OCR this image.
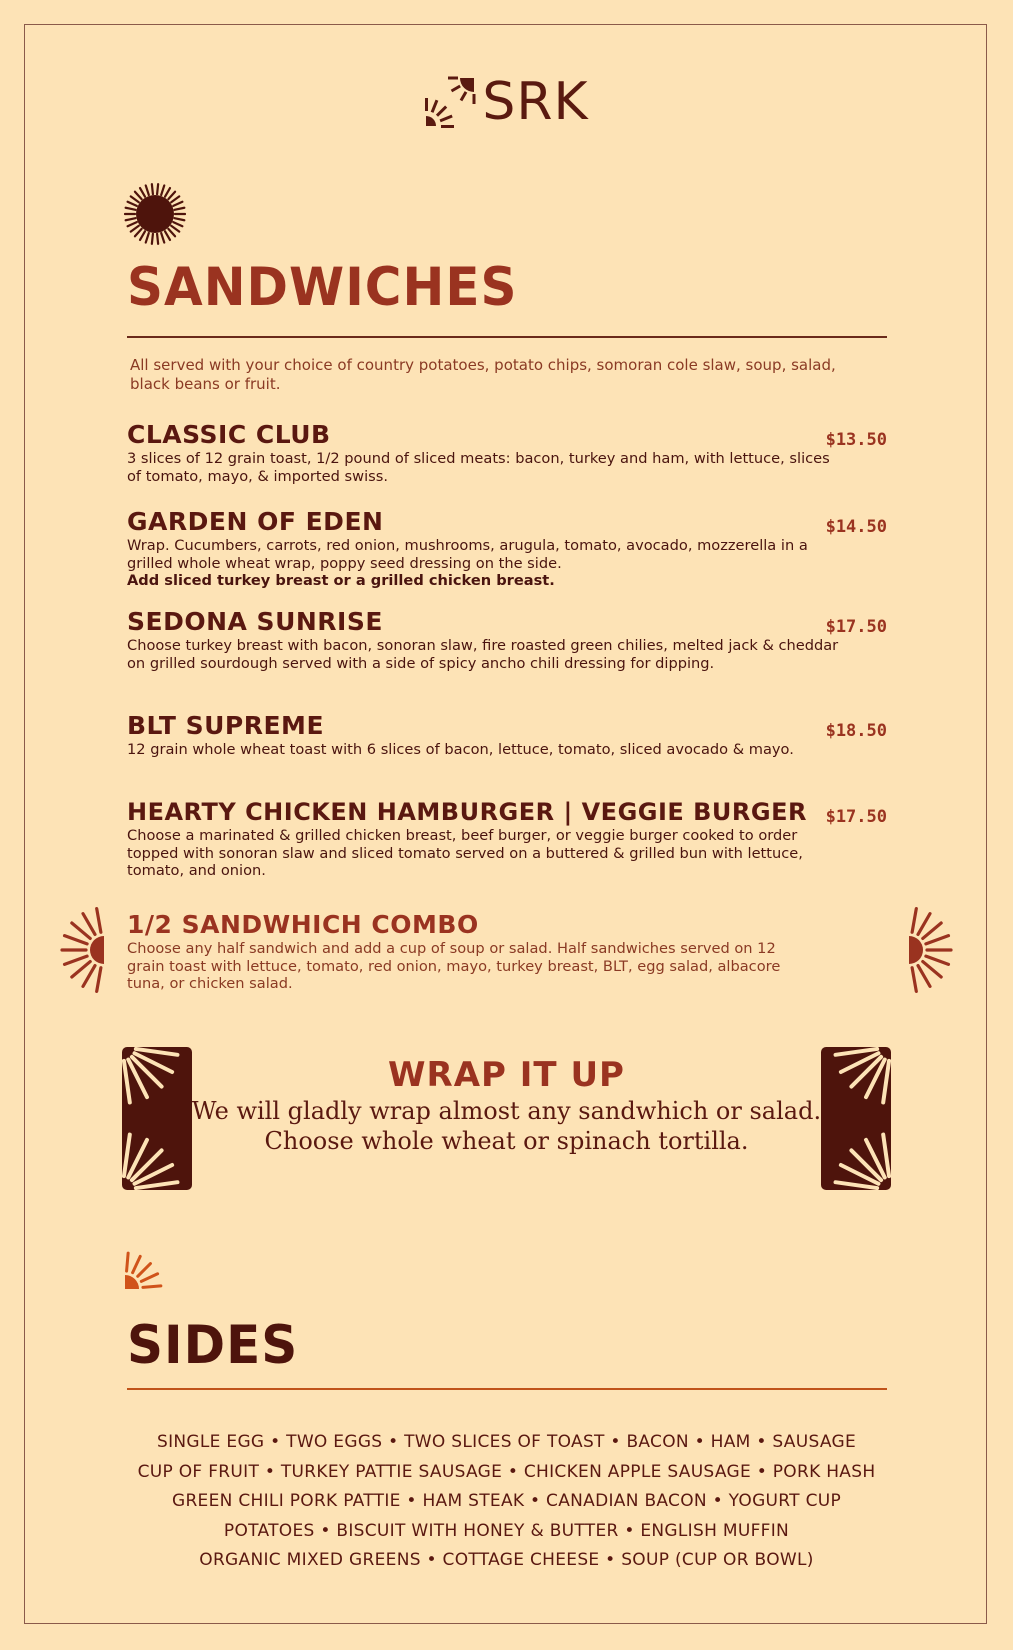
SRK
SANDWICHES
All served with your choice of country potatoes, potato chips, somoran cole slaw, soup, salad, black beans or fruit.
CLASSIC CLUB
3 slices of 12 grain toast, 1/2 pound of sliced meats: bacon, turkey and ham, with lettuce, slices of tomato, mayo, & imported swiss.
$13.50
GARDEN OF EDEN
Wrap. Cucumbers, carrots, red onion, mushrooms, arugula, tomato, avocado, mozzerella in a grilled whole wheat wrap, poppy seed dressing on the side.
Add sliced turkey breast or a grilled chicken breast.
$14.50
SEDONA SUNRISE
Choose turkey breast with bacon, sonoran slaw, fire roasted green chilies, melted jack & cheddar on grilled sourdough served with a side of spicy ancho chili dressing for dipping.
$17.50
BLT SUPREME
12 grain whole wheat toast with 6 slices of bacon, lettuce, tomato, sliced avocado & mayo.
$18.50
HEARTY CHICKEN HAMBURGER | VEGGIE BURGER
Choose a marinated & grilled chicken breast, beef burger, or veggie burger cooked to order topped with sonoran slaw and sliced tomato served on a buttered & grilled bun with lettuce, tomato, and onion.
$17.50
1/2 SANDWHICH COMBO
Choose any half sandwich and add a cup of soup or salad. Half sandwiches served on 12 grain toast with lettuce, tomato, red onion, mayo, turkey breast, BLT, egg salad, albacore tuna, or chicken salad.
WRAP IT UP
We will gladly wrap almost any sandwhich or salad.
Choose whole wheat or spinach tortilla.
SIDES
SINGLE EGG • TWO EGGS • TWO SLICES OF TOAST • BACON • HAM • SAUSAGE
CUP OF FRUIT • TURKEY PATTIE SAUSAGE • CHICKEN APPLE SAUSAGE • PORK HASH
GREEN CHILI PORK PATTIE • HAM STEAK • CANADIAN BACON • YOGURT CUP
POTATOES • BISCUIT WITH HONEY & BUTTER • ENGLISH MUFFIN
ORGANIC MIXED GREENS • COTTAGE CHEESE • SOUP (CUP OR BOWL)
